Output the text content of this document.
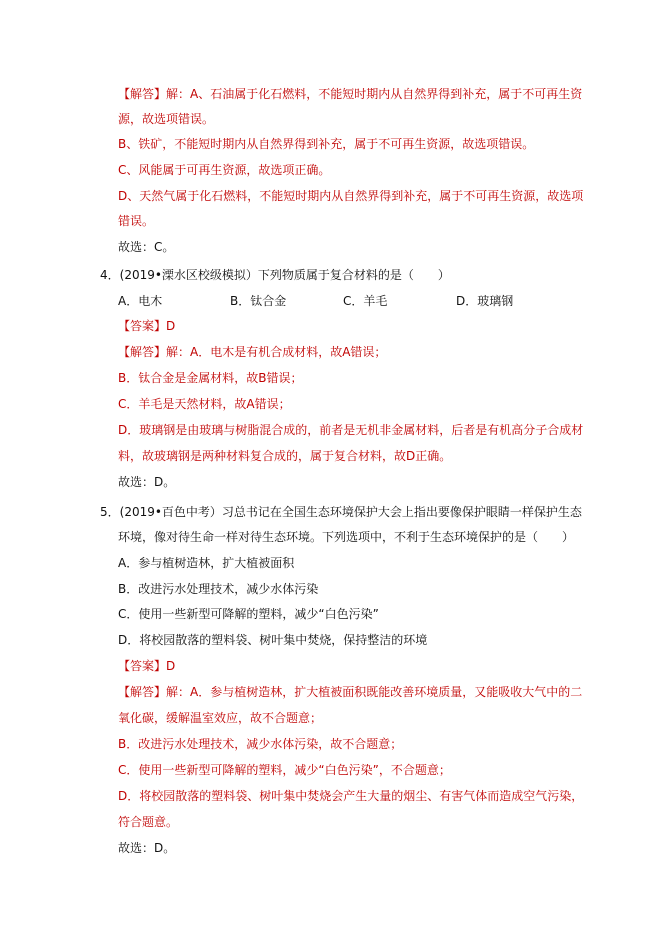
【解答】解：A、石油属于化石燃料，不能短时期内从自然界得到补充，属于不可再生资

源，故选项错误。

B、铁矿，不能短时期内从自然界得到补充，属于不可再生资源，故选项错误。

C、风能属于可再生资源，故选项正确。

D、天然气属于化石燃料，不能短时期内从自然界得到补充，属于不可再生资源，故选项

错误。

故选：C。

4．(2019•溧水区校级模拟）下列物质属于复合材料的是（　　）

A．电木	B．钛合金	C．羊毛	D．玻璃钢

【答案】D

【解答】解：A．电木是有机合成材料，故A错误；

B．钛合金是金属材料，故B错误；

C．羊毛是天然材料，故A错误；

D．玻璃钢是由玻璃与树脂混合成的，前者是无机非金属材料，后者是有机高分子合成材

料，故玻璃钢是两种材料复合成的，属于复合材料，故D正确。

故选：D。

5．(2019•百色中考）习总书记在全国生态环境保护大会上指出要像保护眼睛一样保护生态

环境，像对待生命一样对待生态环境。下列选项中，不利于生态环境保护的是（　　）

A．参与植树造林，扩大植被面积

B．改进污水处理技术，减少水体污染

C．使用一些新型可降解的塑料，减少“白色污染”

D．将校园散落的塑料袋、树叶集中焚烧，保持整洁的环境

【答案】D

【解答】解：A．参与植树造林，扩大植被面积既能改善环境质量，又能吸收大气中的二

氧化碳，缓解温室效应，故不合题意；

B．改进污水处理技术，减少水体污染，故不合题意；

C．使用一些新型可降解的塑料，减少“白色污染”，不合题意；

D．将校园散落的塑料袋、树叶集中焚烧会产生大量的烟尘、有害气体而造成空气污染，

符合题意。

故选：D。
